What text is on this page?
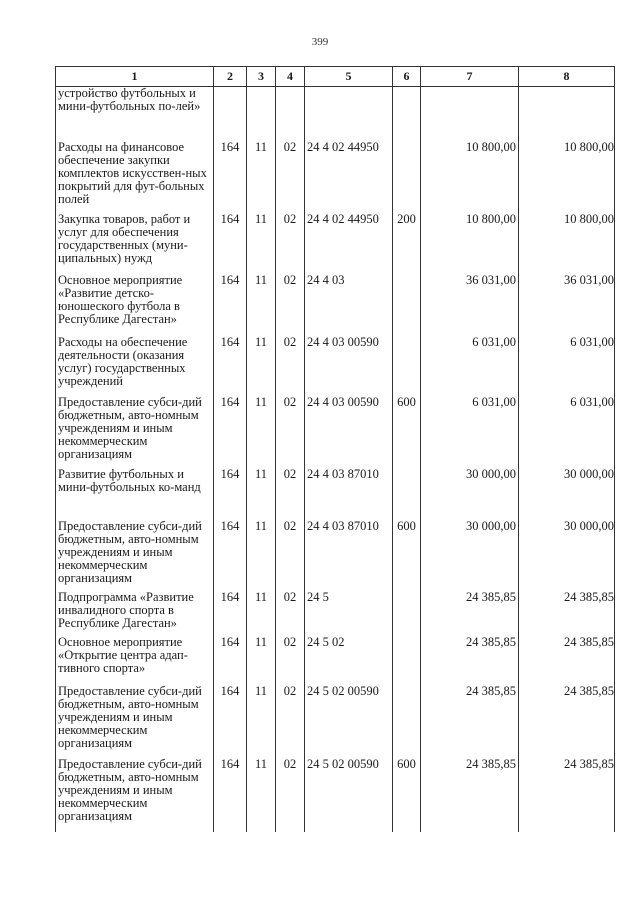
399
1	2	3	4	5	6	7	8
устройство футбольных и мини-футбольных по-лей»							
Расходы на финансовое обеспечение закупки комплектов искусствен-ных покрытий для фут-больных полей	164	11	02	24 4 02 44950		10 800,00	10 800,00
Закупка товаров, работ и услуг для обеспечения государственных (муни-ципальных) нужд	164	11	02	24 4 02 44950	200	10 800,00	10 800,00
Основное мероприятие «Развитие детско-юношеского футбола в Республике Дагестан»	164	11	02	24 4 03		36 031,00	36 031,00
Расходы на обеспечение деятельности (оказания услуг) государственных учреждений	164	11	02	24 4 03 00590		6 031,00	6 031,00
Предоставление субси-дий бюджетным, авто-номным учреждениям и иным некоммерческим организациям	164	11	02	24 4 03 00590	600	6 031,00	6 031,00
Развитие футбольных и мини-футбольных ко-манд	164	11	02	24 4 03 87010		30 000,00	30 000,00
Предоставление субси-дий бюджетным, авто-номным учреждениям и иным некоммерческим организациям	164	11	02	24 4 03 87010	600	30 000,00	30 000,00
Подпрограмма «Развитие инвалидного спорта в Республике Дагестан»	164	11	02	24 5		24 385,85	24 385,85
Основное мероприятие «Открытие центра адап-тивного спорта»	164	11	02	24 5 02		24 385,85	24 385,85
Предоставление субси-дий бюджетным, авто-номным учреждениям и иным некоммерческим организациям	164	11	02	24 5 02 00590		24 385,85	24 385,85
Предоставление субси-дий бюджетным, авто-номным учреждениям и иным некоммерческим организациям	164	11	02	24 5 02 00590	600	24 385,85	24 385,85
